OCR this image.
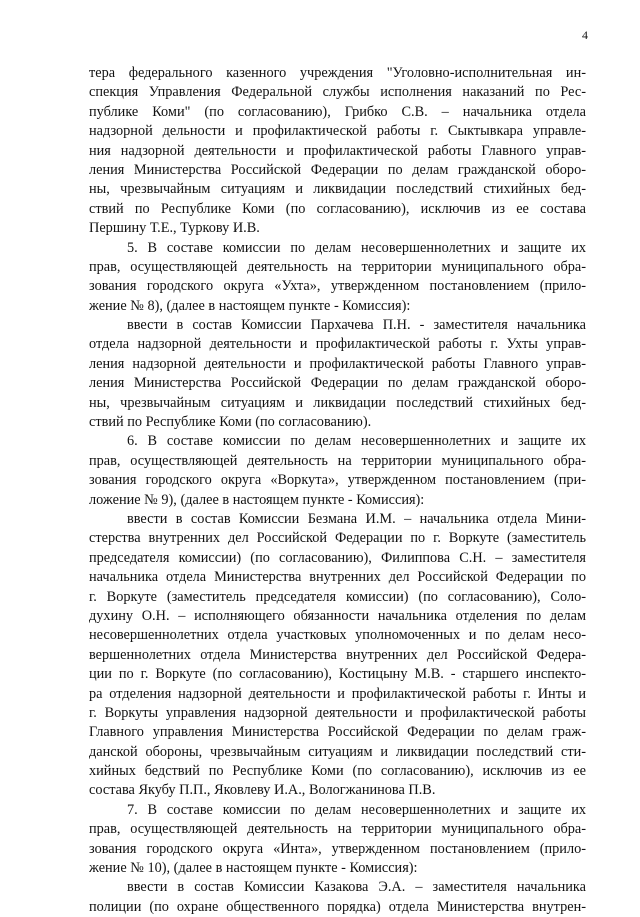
4
тера федерального казенного учреждения "Уголовно-исполнительная ин-
спекция Управления Федеральной службы исполнения наказаний по Рес-
публике Коми" (по согласованию), Грибко С.В. – начальника отдела
надзорной дельности и профилактической работы г. Сыктывкара управле-
ния надзорной деятельности и профилактической работы Главного управ-
ления Министерства Российской Федерации по делам гражданской оборо-
ны, чрезвычайным ситуациям и ликвидации последствий стихийных бед-
ствий по Республике Коми (по согласованию), исключив из ее состава
Першину Т.Е., Туркову И.В.
5. В составе комиссии по делам несовершеннолетних и защите их
прав, осуществляющей деятельность на территории муниципального обра-
зования городского округа «Ухта», утвержденном постановлением (прило-
жение № 8), (далее в настоящем пункте - Комиссия):
ввести в состав Комиссии Пархачева П.Н. - заместителя начальника
отдела надзорной деятельности и профилактической работы г. Ухты управ-
ления надзорной деятельности и профилактической работы Главного управ-
ления Министерства Российской Федерации по делам гражданской оборо-
ны, чрезвычайным ситуациям и ликвидации последствий стихийных бед-
ствий по Республике Коми (по согласованию).
6. В составе комиссии по делам несовершеннолетних и защите их
прав, осуществляющей деятельность на территории муниципального обра-
зования городского округа «Воркута», утвержденном постановлением (при-
ложение № 9), (далее в настоящем пункте - Комиссия):
ввести в состав Комиссии Безмана И.М. – начальника отдела Мини-
стерства внутренних дел Российской Федерации по г. Воркуте (заместитель
председателя комиссии) (по согласованию), Филиппова С.Н. – заместителя
начальника отдела Министерства внутренних дел Российской Федерации по
г. Воркуте (заместитель председателя комиссии) (по согласованию), Соло-
духину О.Н. – исполняющего обязанности начальника отделения по делам
несовершеннолетних отдела участковых уполномоченных и по делам несо-
вершеннолетних отдела Министерства внутренних дел Российской Федера-
ции по г. Воркуте (по согласованию), Костицыну М.В. - старшего инспекто-
ра отделения надзорной деятельности и профилактической работы г. Инты и
г. Воркуты управления надзорной деятельности и профилактической работы
Главного управления Министерства Российской Федерации по делам граж-
данской обороны, чрезвычайным ситуациям и ликвидации последствий сти-
хийных бедствий по Республике Коми (по согласованию), исключив из ее
состава Якубу П.П., Яковлеву И.А., Вологжанинова П.В.
7. В составе комиссии по делам несовершеннолетних и защите их
прав, осуществляющей деятельность на территории муниципального обра-
зования городского округа «Инта», утвержденном постановлением (прило-
жение № 10), (далее в настоящем пункте - Комиссия):
ввести в состав Комиссии Казакова Э.А. – заместителя начальника
полиции (по охране общественного порядка) отдела Министерства внутрен-
